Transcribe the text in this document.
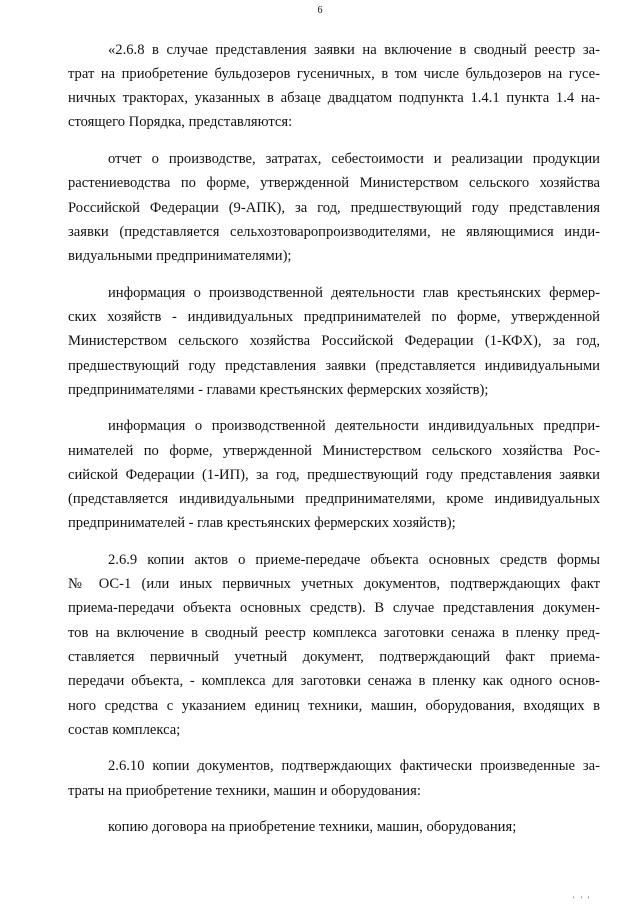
6
«2.6.8 в случае представления заявки на включение в сводный реестр за-
трат на приобретение бульдозеров гусеничных, в том числе бульдозеров на гусе-
ничных тракторах, указанных в абзаце двадцатом подпункта 1.4.1 пункта 1.4 на-
стоящего Порядка, представляются:
отчет о производстве, затратах, себестоимости и реализации продукции
растениеводства по форме, утвержденной Министерством сельского хозяйства
Российской Федерации (9-АПК), за год, предшествующий году представления
заявки (представляется сельхозтоваропроизводителями, не являющимися инди-
видуальными предпринимателями);
информация о производственной деятельности глав крестьянских фермер-
ских хозяйств - индивидуальных предпринимателей по форме, утвержденной
Министерством сельского хозяйства Российской Федерации (1-КФХ), за год,
предшествующий году представления заявки (представляется индивидуальными
предпринимателями - главами крестьянских фермерских хозяйств);
информация о производственной деятельности индивидуальных предпри-
нимателей по форме, утвержденной Министерством сельского хозяйства Рос-
сийской Федерации (1-ИП), за год, предшествующий году представления заявки
(представляется индивидуальными предпринимателями, кроме индивидуальных
предпринимателей - глав крестьянских фермерских хозяйств);
2.6.9 копии актов о приеме-передаче объекта основных средств формы
№ ОС-1 (или иных первичных учетных документов, подтверждающих факт
приема-передачи объекта основных средств). В случае представления докумен-
тов на включение в сводный реестр комплекса заготовки сенажа в пленку пред-
ставляется первичный учетный документ, подтверждающий факт приема-
передачи объекта, - комплекса для заготовки сенажа в пленку как одного основ-
ного средства с указанием единиц техники, машин, оборудования, входящих в
состав комплекса;
2.6.10 копии документов, подтверждающих фактически произведенные за-
траты на приобретение техники, машин и оборудования:
копию договора на приобретение техники, машин, оборудования;
' ' '
